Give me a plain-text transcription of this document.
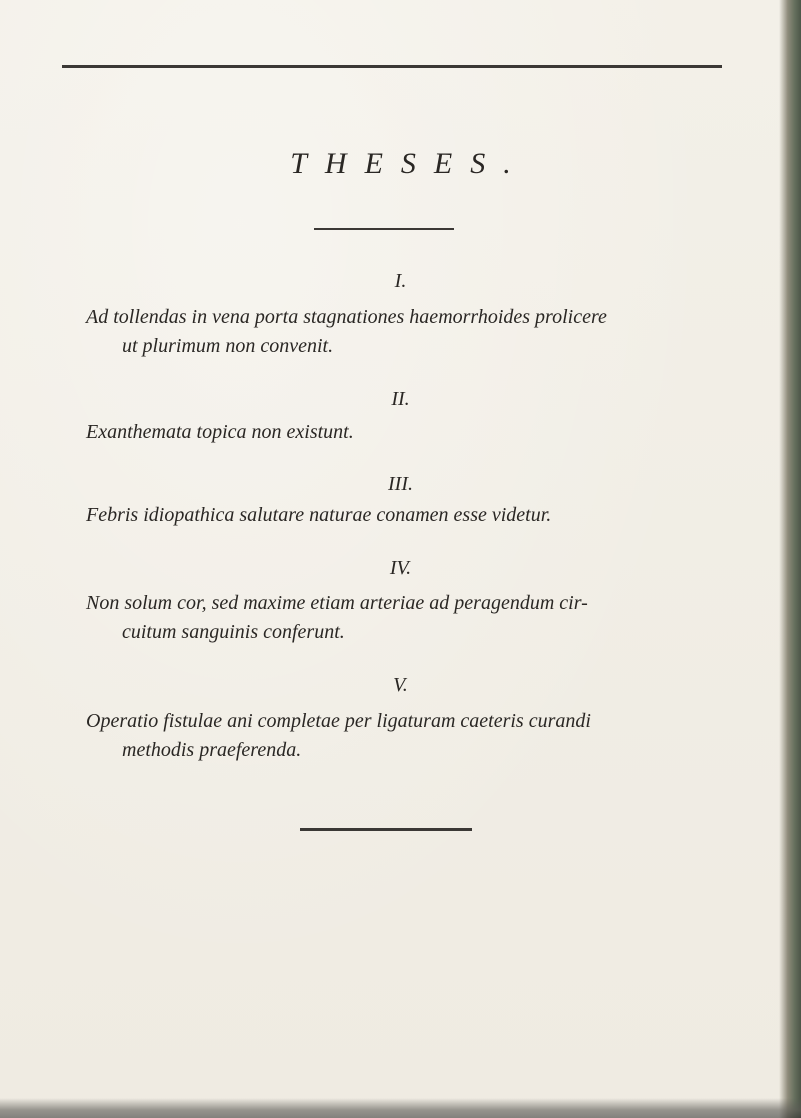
THESES.
I.
Ad tollendas in vena porta stagnationes haemorrhoides prolicere
ut plurimum non convenit.
II.
Exanthemata topica non existunt.
III.
Febris idiopathica salutare naturae conamen esse videtur.
IV.
Non solum cor, sed maxime etiam arteriae ad peragendum cir-
cuitum sanguinis conferunt.
V.
Operatio fistulae ani completae per ligaturam caeteris curandi
methodis praeferenda.
